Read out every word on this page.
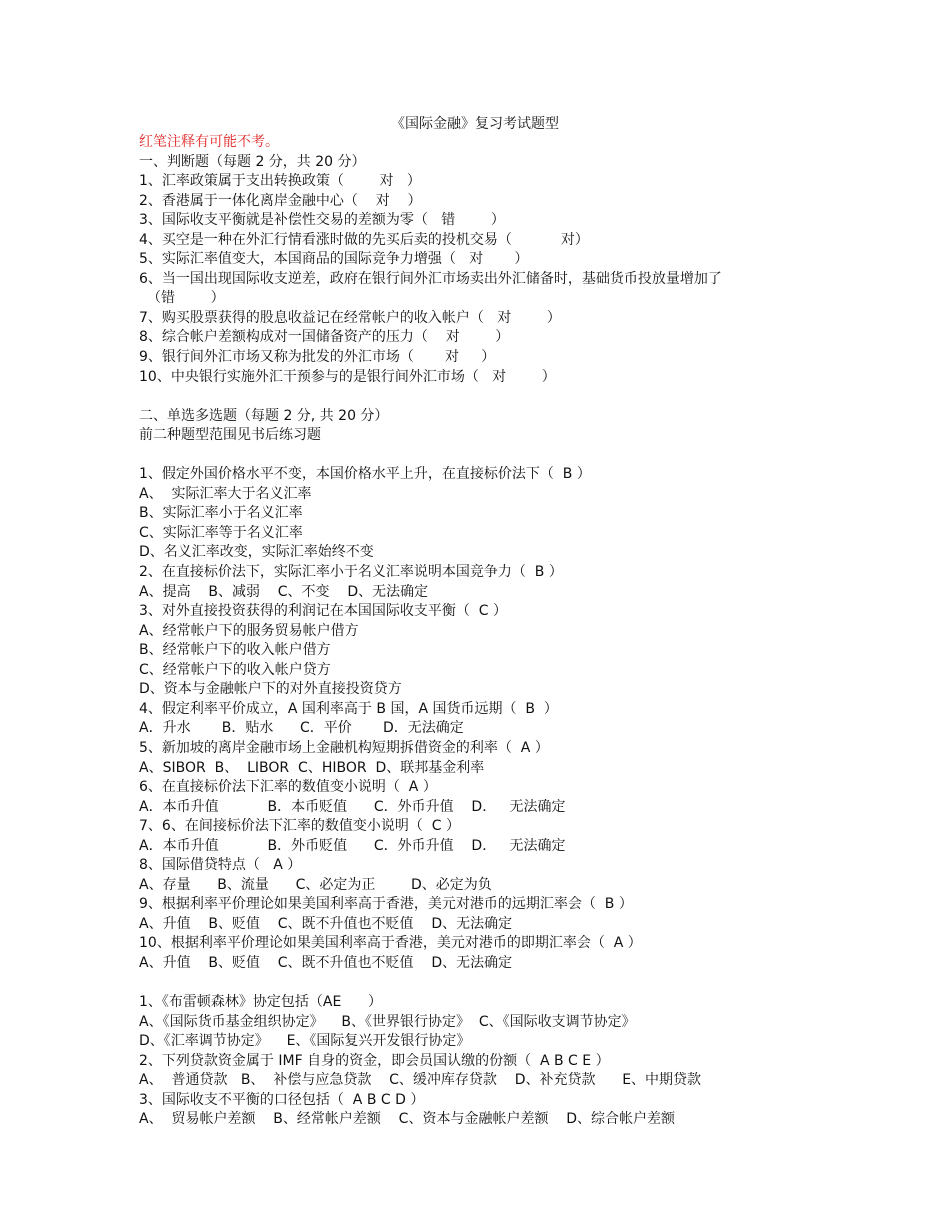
《国际金融》复习考试题型
红笔注释有可能不考。
一、判断题（每题 2 分，共 20 分）
1、汇率政策属于支出转换政策（        对   ）
2、香港属于一体化离岸金融中心（    对    ）
3、国际收支平衡就是补偿性交易的差额为零（   错        ）
4、买空是一种在外汇行情看涨时做的先买后卖的投机交易（           对）
5、实际汇率值变大，本国商品的国际竞争力增强（   对       ）
6、当一国出现国际收支逆差，政府在银行间外汇市场卖出外汇储备时，基础货币投放量增加了
（错        ）
7、购买股票获得的股息收益记在经常帐户的收入帐户（   对        ）
8、综合帐户差额构成对一国储备资产的压力（    对        ）
9、银行间外汇市场又称为批发的外汇市场（       对     ）
10、中央银行实施外汇干预参与的是银行间外汇市场（   对        ）
二、单选多选题（每题 2 分, 共 20 分）
前二种题型范围见书后练习题
1、假定外国价格水平不变，本国价格水平上升，在直接标价法下（  B ）
A、  实际汇率大于名义汇率
B、实际汇率小于名义汇率
C、实际汇率等于名义汇率
D、名义汇率改变，实际汇率始终不变
2、在直接标价法下，实际汇率小于名义汇率说明本国竞争力（  B ）
A、提高    B、减弱    C、不变    D、无法确定
3、对外直接投资获得的利润记在本国国际收支平衡（  C ）
A、经常帐户下的服务贸易帐户借方
B、经常帐户下的收入帐户借方
C、经常帐户下的收入帐户贷方
D、资本与金融帐户下的对外直接投资贷方
4、假定利率平价成立，A 国利率高于 B 国，A 国货币远期（  B  ）
A．升水       B．贴水      C．平价       D．无法确定
5、新加坡的离岸金融市场上金融机构短期拆借资金的利率（  A ）
A、SIBOR  B、  LIBOR  C、HIBOR  D、联邦基金利率
6、在直接标价法下汇率的数值变小说明（  A ）
A．本币升值           B．本币贬值      C．外币升值    D．   无法确定
7、6、在间接标价法下汇率的数值变小说明（  C ）
A．本币升值           B．外币贬值      C．外币升值    D．   无法确定
8、国际借贷特点（   A ）
A、存量      B、流量      C、必定为正        D、必定为负
9、根据利率平价理论如果美国利率高于香港，美元对港币的远期汇率会（  B ）
A、升值    B、贬值    C、既不升值也不贬值    D、无法确定
10、根据利率平价理论如果美国利率高于香港，美元对港币的即期汇率会（  A ）
A、升值    B、贬值    C、既不升值也不贬值    D、无法确定
1、《布雷顿森林》协定包括（AE      ）
A、《国际货币基金组织协定》    B、《世界银行协定》  C、《国际收支调节协定》
D、《汇率调节协定》    E、《国际复兴开发银行协定》
2、下列贷款资金属于 IMF 自身的资金，即会员国认缴的份额（  A B C E ）
A、  普通贷款   B、  补偿与应急贷款    C、缓冲库存贷款    D、补充贷款      E、中期贷款
3、国际收支不平衡的口径包括（  A B C D ）
A、  贸易帐户差额    B、经常帐户差额    C、资本与金融帐户差额    D、综合帐户差额
